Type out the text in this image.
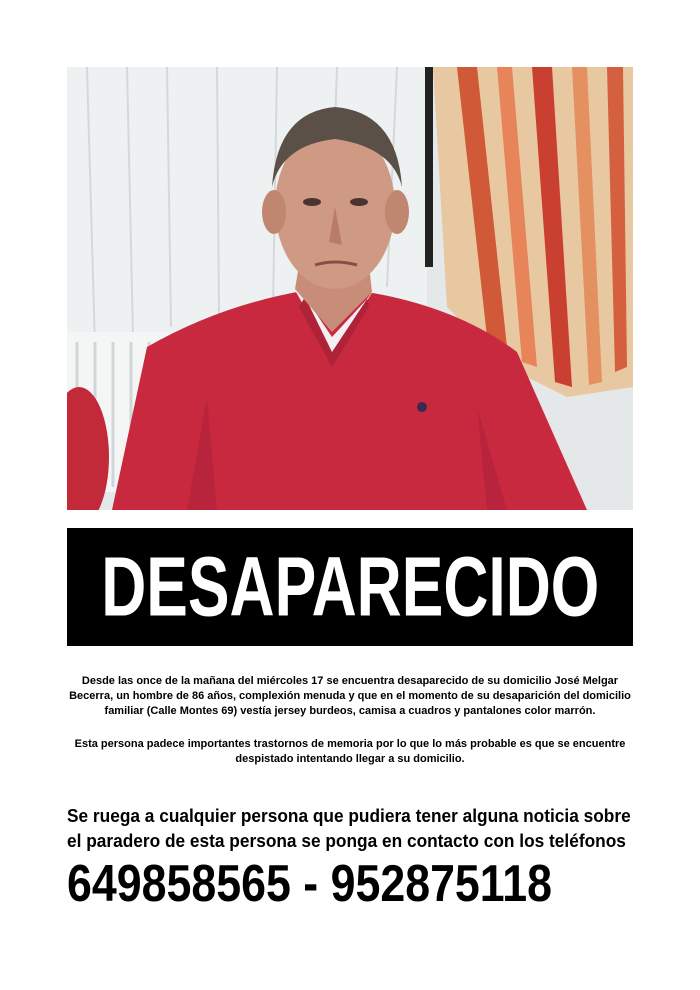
DESAPARECIDO
Desde las once de la mañana del miércoles 17 se encuentra desaparecido de su domicilio José Melgar
Becerra, un hombre de 86 años, complexión menuda y que en el momento de su desaparición del domicilio
familiar (Calle Montes 69) vestía jersey burdeos, camisa a cuadros y pantalones color marrón.
Esta persona padece importantes trastornos de memoria por lo que lo más probable es que se encuentre
despistado intentando llegar a su domicilio.
Se ruega a cualquier persona que pudiera tener alguna noticia sobre
el paradero de esta persona se ponga en contacto con los teléfonos
649858565 - 952875118
